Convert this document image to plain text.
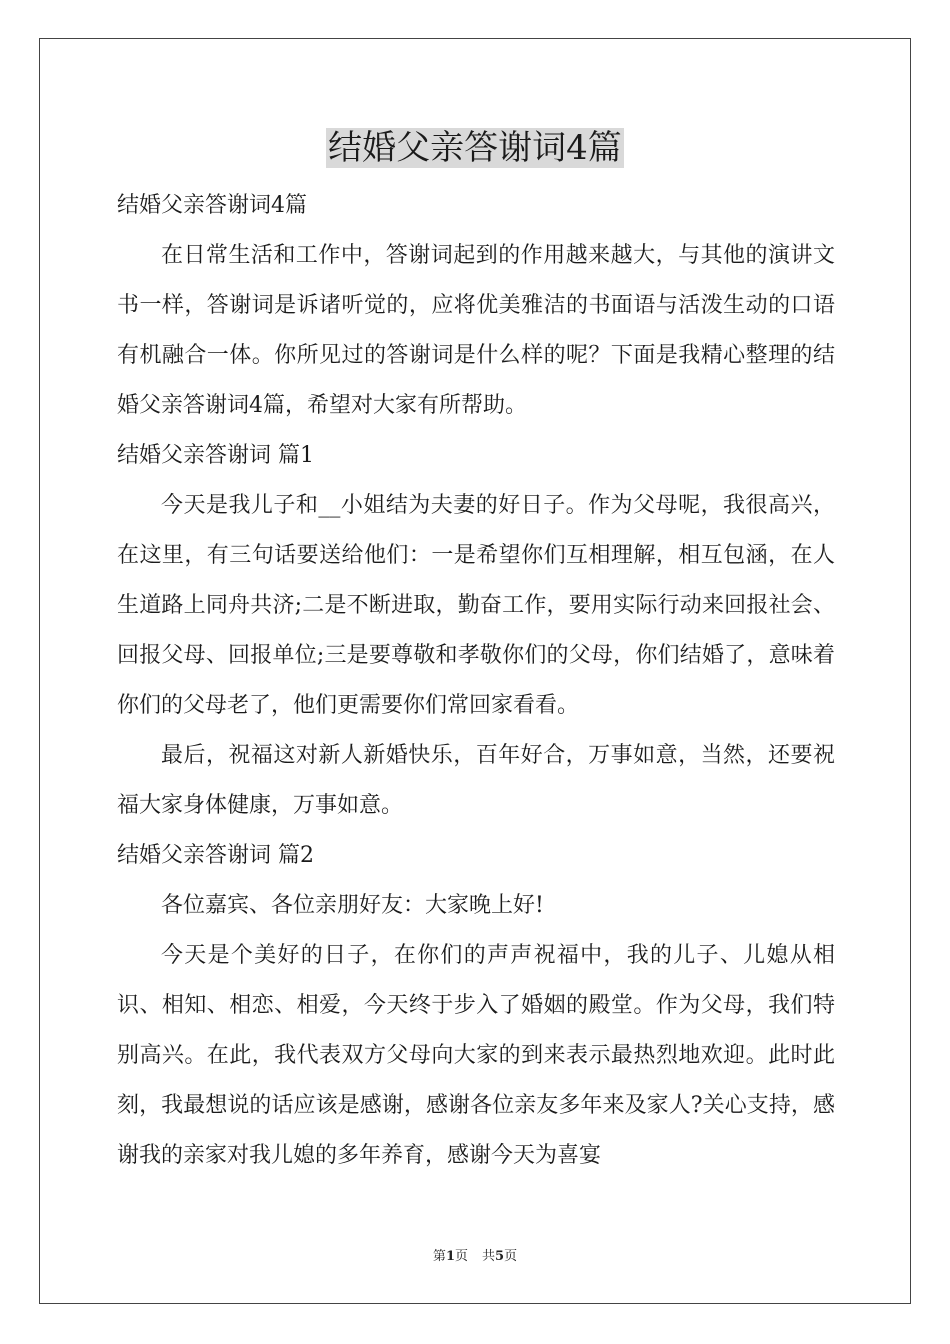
结婚父亲答谢词4篇

结婚父亲答谢词4篇

在日常生活和工作中，答谢词起到的作用越来越大，与其他的演讲文书一样，答谢词是诉诸听觉的，应将优美雅洁的书面语与活泼生动的口语有机融合一体。你所见过的答谢词是什么样的呢？下面是我精心整理的结婚父亲答谢词4篇，希望对大家有所帮助。

结婚父亲答谢词 篇1

今天是我儿子和__小姐结为夫妻的好日子。作为父母呢，我很高兴，在这里，有三句话要送给他们：一是希望你们互相理解，相互包涵，在人生道路上同舟共济;二是不断进取，勤奋工作，要用实际行动来回报社会、回报父母、回报单位;三是要尊敬和孝敬你们的父母，你们结婚了，意味着你们的父母老了，他们更需要你们常回家看看。

最后，祝福这对新人新婚快乐，百年好合，万事如意，当然，还要祝福大家身体健康，万事如意。

结婚父亲答谢词 篇2

各位嘉宾、各位亲朋好友：大家晚上好!

今天是个美好的日子，在你们的声声祝福中，我的儿子、儿媳从相识、相知、相恋、相爱，今天终于步入了婚姻的殿堂。作为父母，我们特别高兴。在此，我代表双方父母向大家的到来表示最热烈地欢迎。此时此刻，我最想说的话应该是感谢，感谢各位亲友多年来及家人?关心支持，感谢我的亲家对我儿媳的多年养育，感谢今天为喜宴

第1页 共5页
